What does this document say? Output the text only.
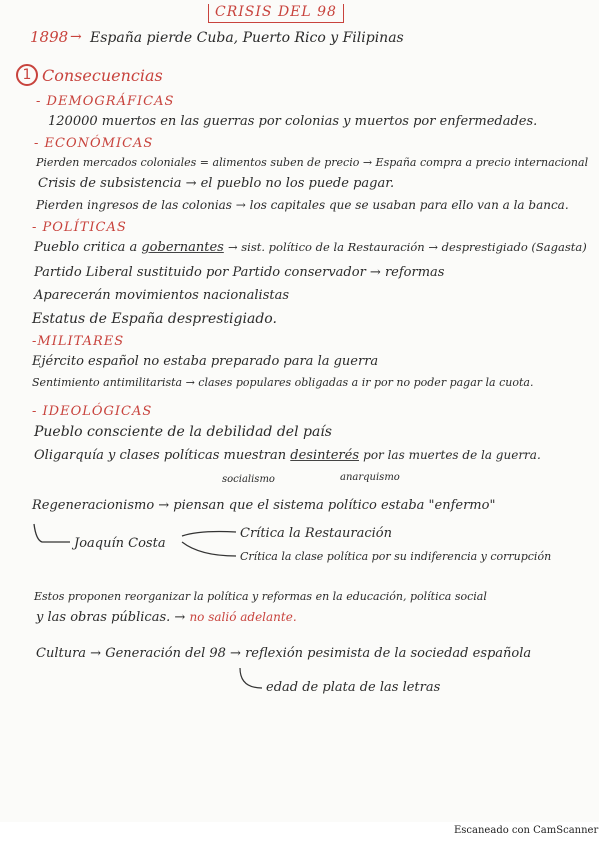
CRISIS DEL 98
1898 → España pierde Cuba, Puerto Rico y Filipinas
1 Consecuencias
- DEMOGRÁFICAS
120000 muertos en las guerras por colonias y muertos por enfermedades.
- ECONÓMICAS
Pierden mercados coloniales = alimentos suben de precio → España compra a precio internacional
Crisis de subsistencia → el pueblo no los puede pagar.
Pierden ingresos de las colonias → los capitales que se usaban para ello van a la banca.
- POLÍTICAS
Pueblo critica a gobernantes → sist. político de la Restauración → desprestigiado (Sagasta)
Partido Liberal sustituido por Partido conservador → reformas
Aparecerán movimientos nacionalistas
Estatus de España desprestigiado.
-MILITARES
Ejército español no estaba preparado para la guerra
Sentimiento antimilitarista → clases populares obligadas a ir por no poder pagar la cuota.
- IDEOLÓGICAS
Pueblo consciente de la debilidad del país
Oligarquía y clases políticas muestran desinterés por las muertes de la guerra.
socialismo	anarquismo
Regeneracionismo → piensan que el sistema político estaba "enfermo"
Joaquín Costa
Crítica la Restauración
Crítica la clase política por su indiferencia y corrupción
Estos proponen reorganizar la política y reformas en la educación, política social
y las obras públicas. → no salió adelante.
Cultura → Generación del 98 → reflexión pesimista de la sociedad española
edad de plata de las letras
Escaneado con CamScanner
